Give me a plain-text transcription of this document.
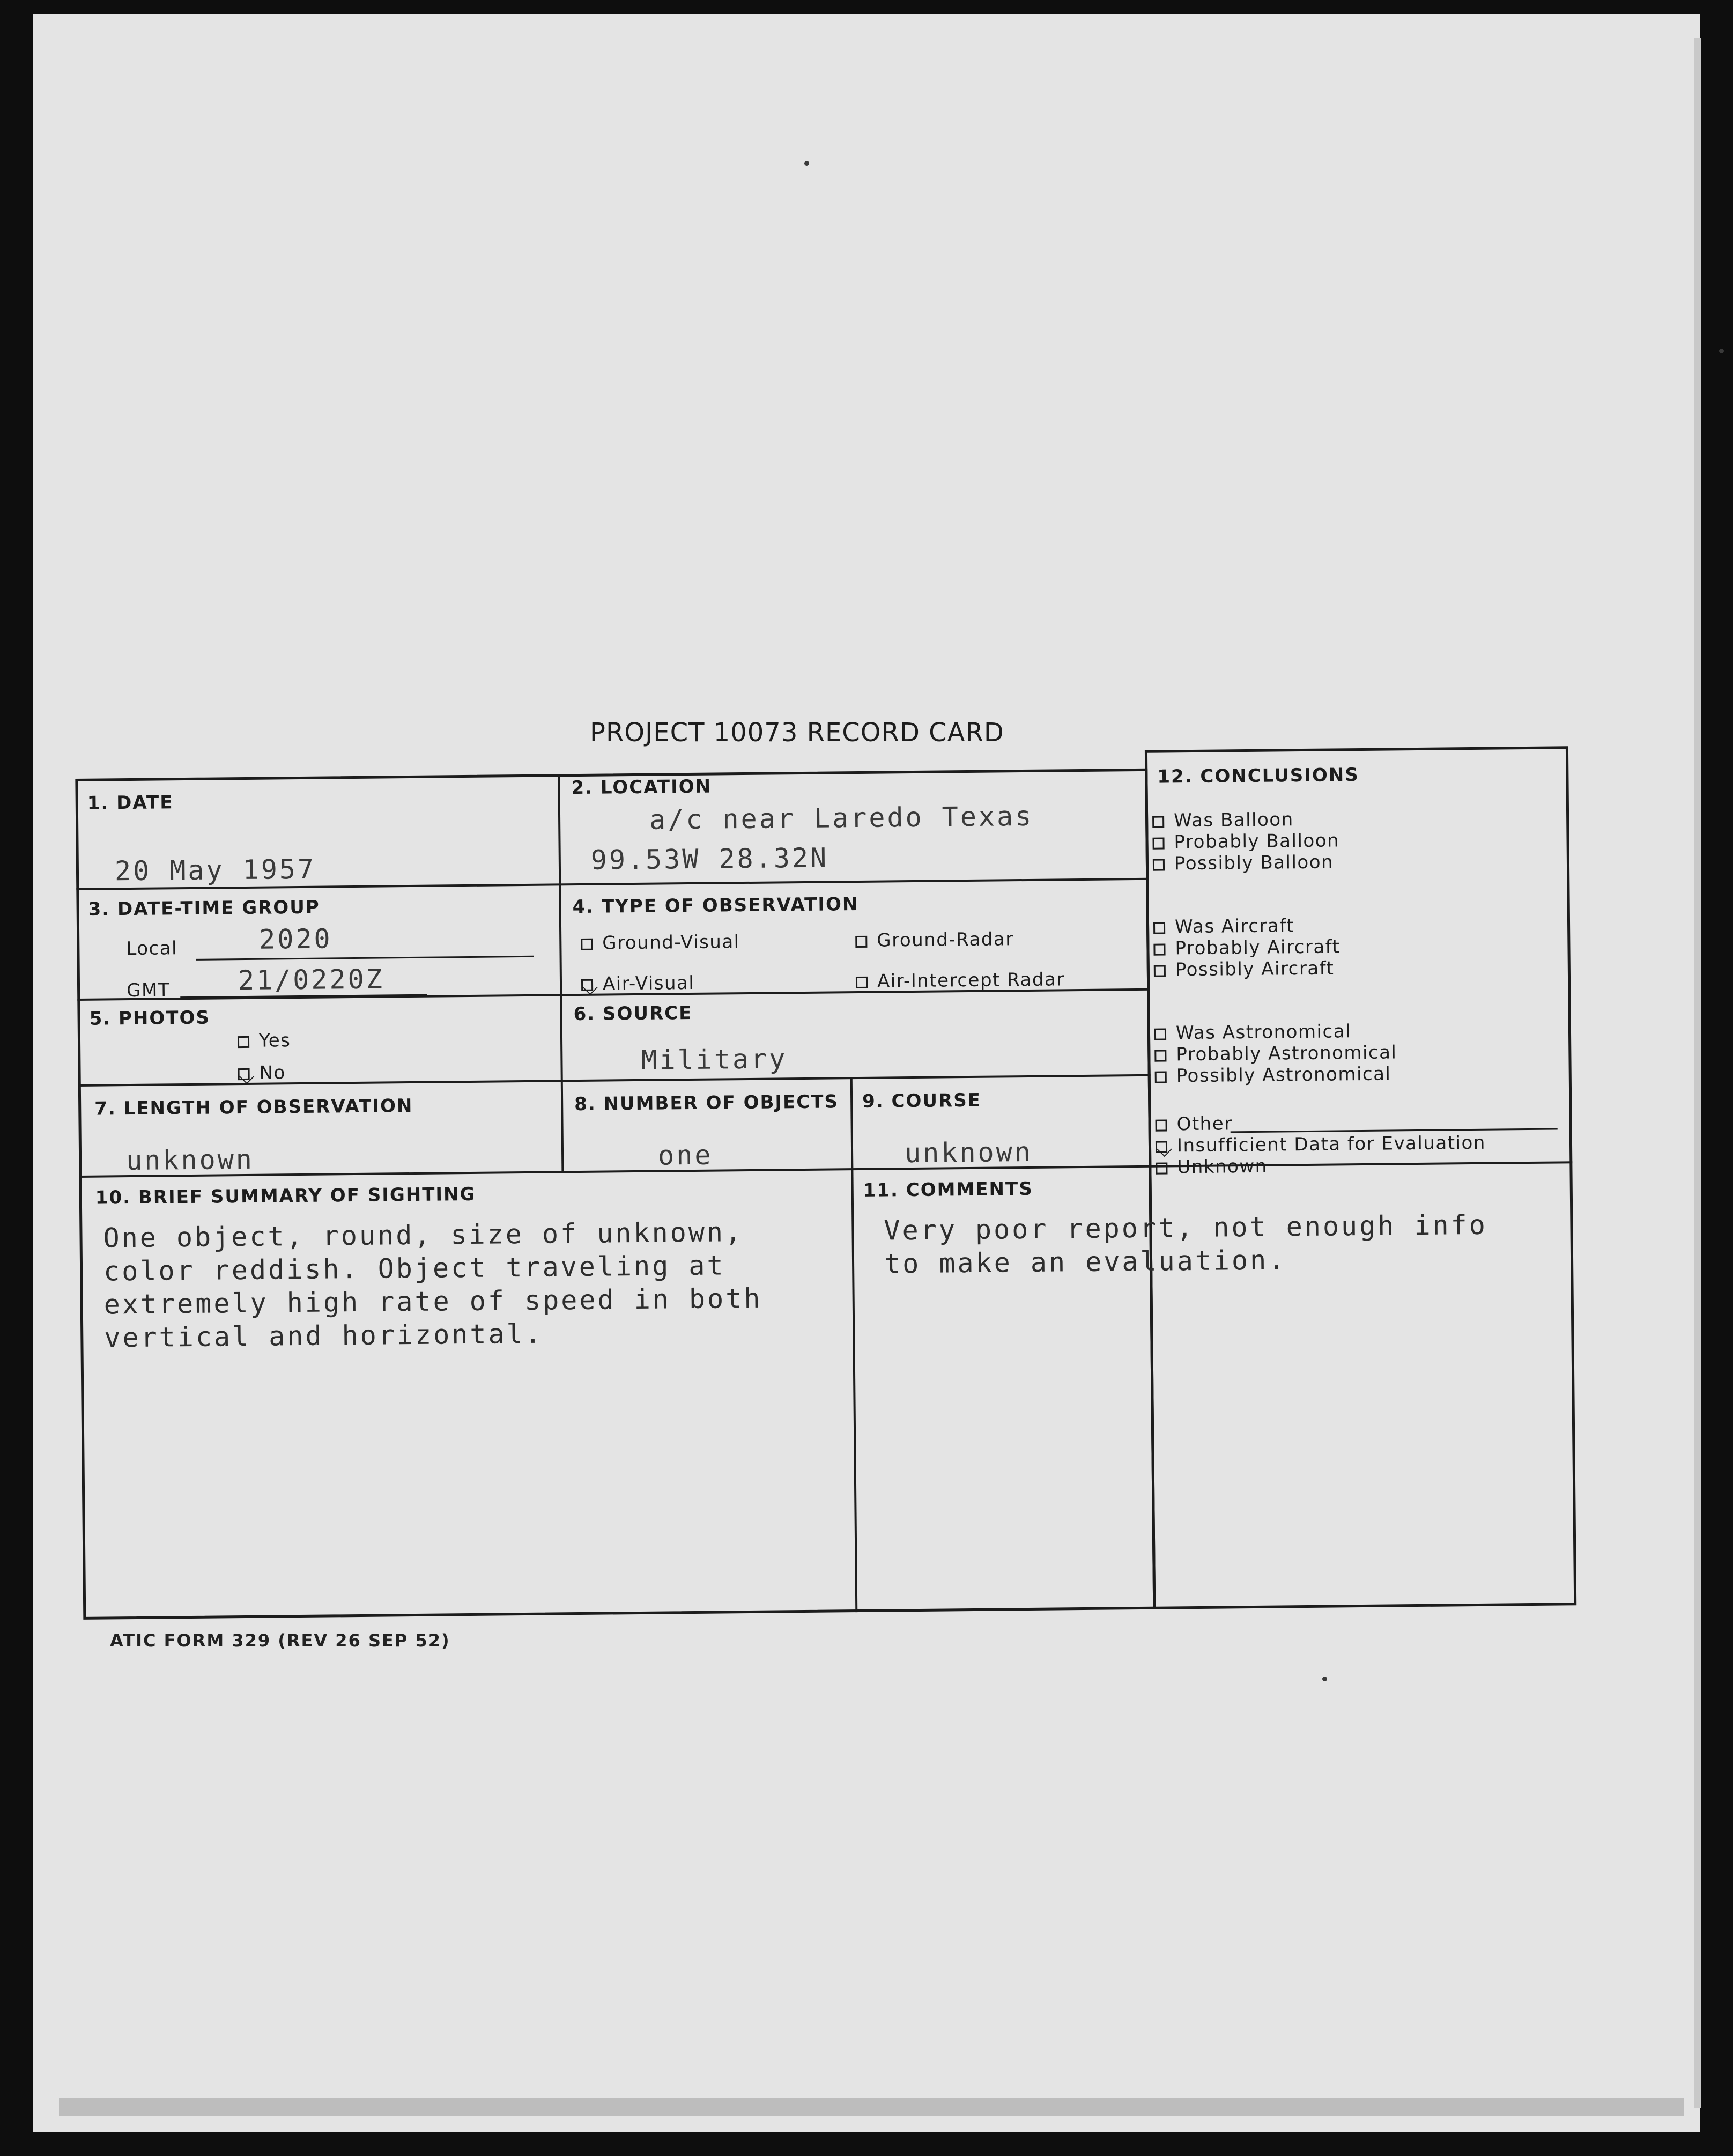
PROJECT 10073 RECORD CARD
1. DATE
20 May 1957
2. LOCATION
a/c near Laredo Texas
99.53W 28.32N
3. DATE-TIME GROUP
Local	2020
GMT	21/0220Z
4. TYPE OF OBSERVATION
Ground-Visual	Ground-Radar
Air-Visual	Air-Intercept Radar
5. PHOTOS
Yes
No
6. SOURCE
Military
7. LENGTH OF OBSERVATION
unknown
8. NUMBER OF OBJECTS
one
9. COURSE
unknown
10. BRIEF SUMMARY OF SIGHTING
One object, round, size of unknown,
color reddish. Object traveling at
extremely high rate of speed in both
vertical and horizontal.
11. COMMENTS
Very poor report, not enough info
to make an evaluation.
12. CONCLUSIONS
Was Balloon
Probably Balloon
Possibly Balloon
Was Aircraft
Probably Aircraft
Possibly Aircraft
Was Astronomical
Probably Astronomical
Possibly Astronomical
Other
Insufficient Data for Evaluation
Unknown
ATIC FORM 329 (REV 26 SEP 52)
